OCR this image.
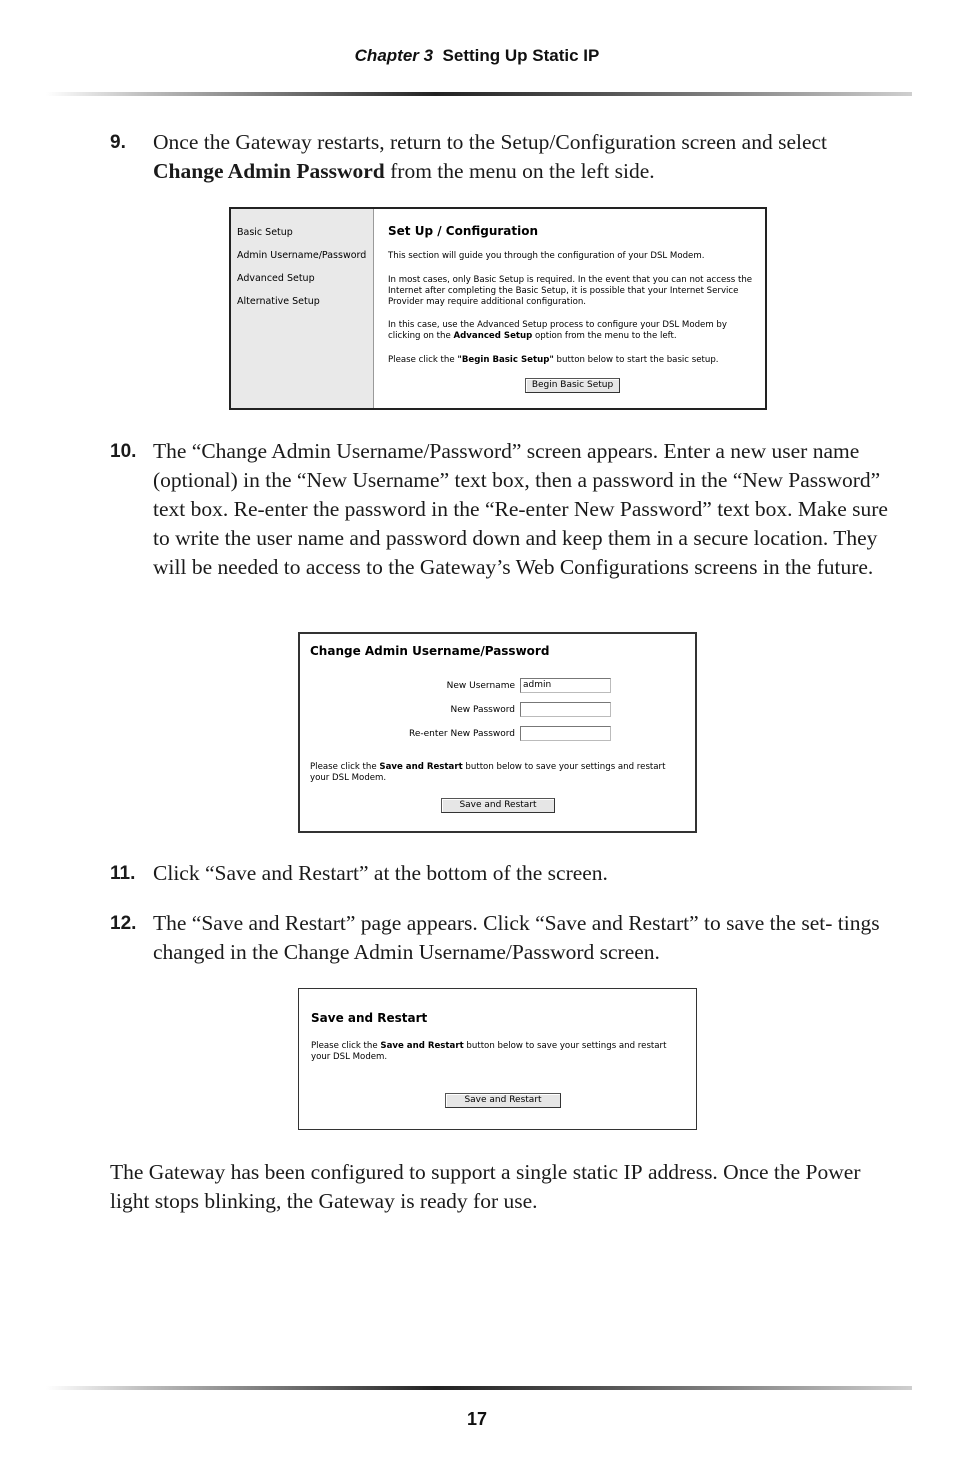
Chapter 3 Setting Up Static IP
9. Once the Gateway restarts, return to the Setup/Configuration screen and select Change Admin Password from the menu on the left side.
Basic Setup
Admin Username/Password
Advanced Setup
Alternative Setup
Set Up / Configuration
This section will guide you through the configuration of your DSL Modem.
In most cases, only Basic Setup is required. In the event that you can not access the Internet after completing the Basic Setup, it is possible that your Internet Service Provider may require additional configuration.
In this case, use the Advanced Setup process to configure your DSL Modem by clicking on the Advanced Setup option from the menu to the left.
Please click the "Begin Basic Setup" button below to start the basic setup.
Begin Basic Setup
10. The “Change Admin Username/Password” screen appears. Enter a new user name (optional) in the “New Username” text box, then a password in the “New Password” text box. Re-enter the password in the “Re-enter New Password” text box. Make sure to write the user name and password down and keep them in a secure location. They will be needed to access to the Gateway’s Web Configurations screens in the future.
Change Admin Username/Password
New Username admin
New Password
Re-enter New Password
Please click the Save and Restart button below to save your settings and restart your DSL Modem.
Save and Restart
11. Click “Save and Restart” at the bottom of the screen.
12. The “Save and Restart” page appears. Click “Save and Restart” to save the set- tings changed in the Change Admin Username/Password screen.
Save and Restart
Please click the Save and Restart button below to save your settings and restart your DSL Modem.
Save and Restart
The Gateway has been configured to support a single static IP address. Once the Power light stops blinking, the Gateway is ready for use.
17
